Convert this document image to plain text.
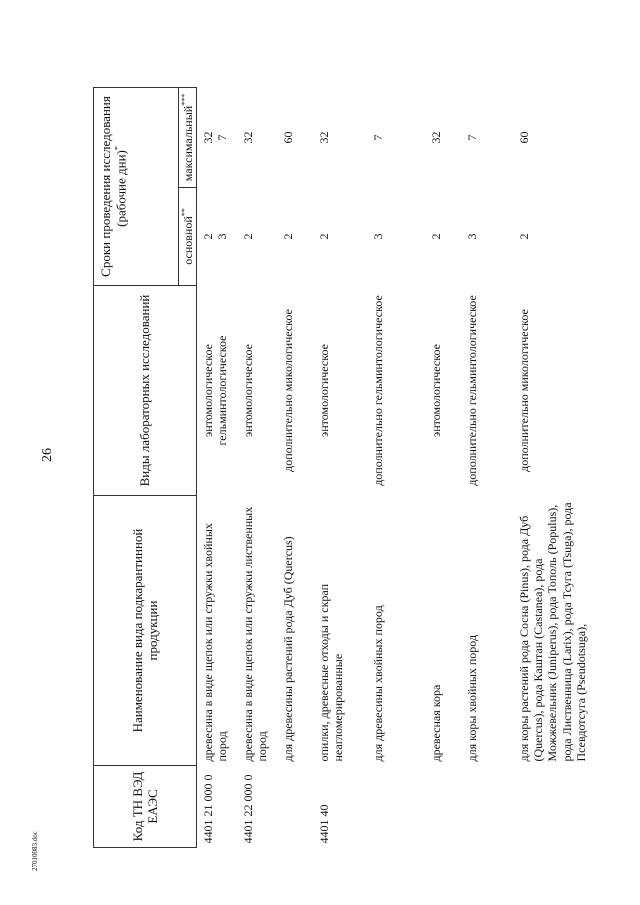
26
Код ТН ВЭД ЕАЭС	Наименование вида подкарантинной продукции	Виды лабораторных исследований	Сроки проведения исследования (рабочие дни)*
			основной**	максимальный***
4401 21 000 0	древесина в виде щепок или стружки хвойных пород	энтомологическое гельминтологическое	2 3	32 7

4401 22 000 0	древесина в виде щепок или стружки лиственных пород	энтомологическое	2	32

	для древесины растений рода Дуб (Quercus)	дополнительно микологическое	2	60

4401 40	опилки, древесные отходы и скрап неагломерированные	энтомологическое	2	32

	для древесины хвойных пород	дополнительно гельминтологическое	3	7

	древесная кора	энтомологическое	2	32

	для коры хвойных пород	дополнительно гельминтологическое	3	7

	для коры растений рода Сосна (Pinus), рода Дуб (Quercus), рода Каштан (Castanea), рода Можжевельник (Juniperus), рода Тополь (Populus), рода Лиственница (Larix), рода Тсуга (Tsuga), рода Псевдотсуга (Pseudotsuga),	дополнительно микологическое	2	60
27010083.doc
